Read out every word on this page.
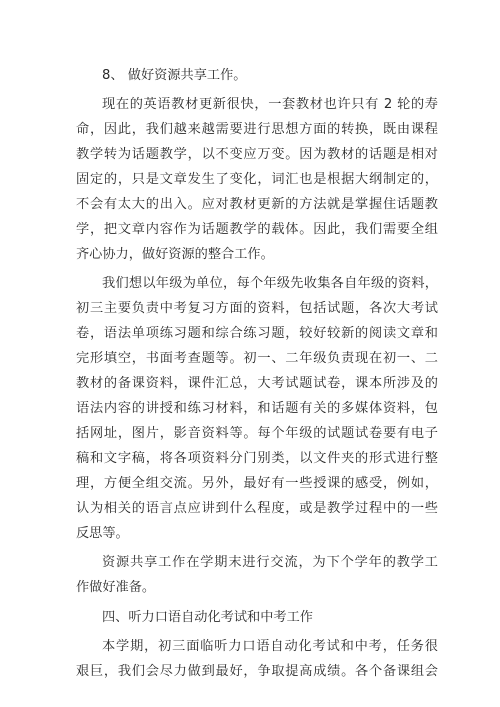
8、 做好资源共享工作。
现在的英语教材更新很快，一套教材也许只有 2 轮的寿
命，因此，我们越来越需要进行思想方面的转换，既由课程
教学转为话题教学，以不变应万变。因为教材的话题是相对
固定的，只是文章发生了变化，词汇也是根据大纲制定的，
不会有太大的出入。应对教材更新的方法就是掌握住话题教
学，把文章内容作为话题教学的载体。因此，我们需要全组
齐心协力，做好资源的整合工作。
我们想以年级为单位，每个年级先收集各自年级的资料，
初三主要负责中考复习方面的资料，包括试题，各次大考试
卷，语法单项练习题和综合练习题，较好较新的阅读文章和
完形填空，书面考查题等。初一、二年级负责现在初一、二
教材的备课资料，课件汇总，大考试题试卷，课本所涉及的
语法内容的讲授和练习材料，和话题有关的多媒体资料，包
括网址，图片，影音资料等。每个年级的试题试卷要有电子
稿和文字稿，将各项资料分门别类，以文件夹的形式进行整
理，方便全组交流。另外，最好有一些授课的感受，例如，
认为相关的语言点应讲到什么程度，或是教学过程中的一些
反思等。
资源共享工作在学期末进行交流，为下个学年的教学工
作做好准备。
四、听力口语自动化考试和中考工作
本学期，初三面临听力口语自动化考试和中考，任务很
艰巨，我们会尽力做到最好，争取提高成绩。各个备课组会
